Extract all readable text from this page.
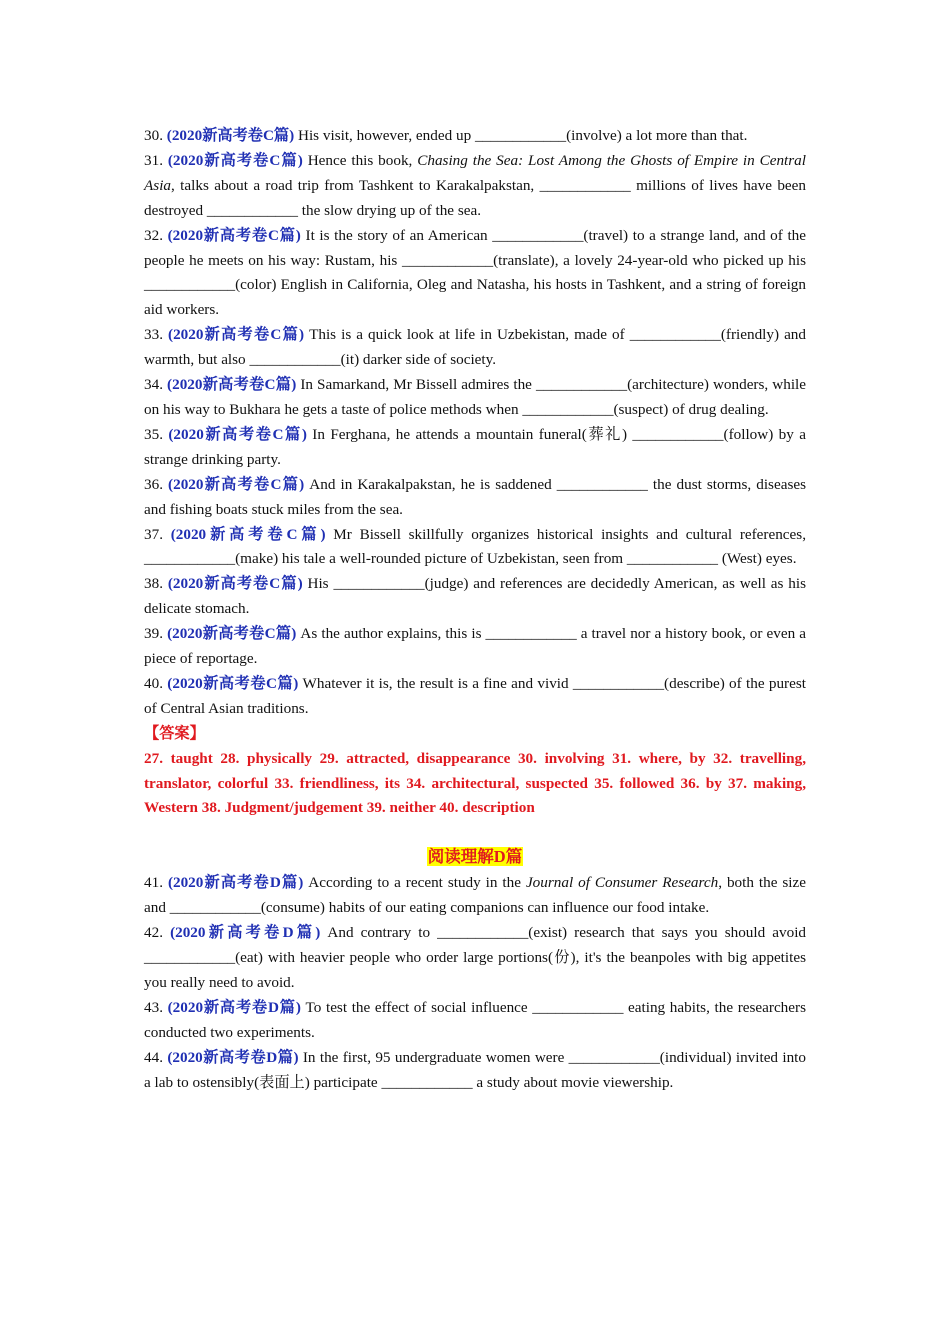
30. (2020新高考卷C篇) His visit, however, ended up ____________(involve) a lot more than that.

31. (2020新高考卷C篇) Hence this book, Chasing the Sea: Lost Among the Ghosts of Empire in Central Asia, talks about a road trip from Tashkent to Karakalpakstan, ____________ millions of lives have been destroyed ____________ the slow drying up of the sea.

32. (2020新高考卷C篇) It is the story of an American ____________(travel) to a strange land, and of the people he meets on his way: Rustam, his ____________(translate), a lovely 24-year-old who picked up his ____________(color) English in California, Oleg and Natasha, his hosts in Tashkent, and a string of foreign aid workers.

33. (2020新高考卷C篇) This is a quick look at life in Uzbekistan, made of ____________(friendly) and warmth, but also ____________(it) darker side of society.

34. (2020新高考卷C篇) In Samarkand, Mr Bissell admires the ____________(architecture) wonders, while on his way to Bukhara he gets a taste of police methods when ____________(suspect) of drug dealing.

35. (2020新高考卷C篇) In Ferghana, he attends a mountain funeral(葬礼) ____________(follow) by a strange drinking party.

36. (2020新高考卷C篇) And in Karakalpakstan, he is saddened ____________ the dust storms, diseases and fishing boats stuck miles from the sea.

37. (2020新高考卷C篇) Mr Bissell skillfully organizes historical insights and cultural references, ____________(make) his tale a well-rounded picture of Uzbekistan, seen from ____________ (West) eyes.

38. (2020新高考卷C篇) His ____________(judge) and references are decidedly American, as well as his delicate stomach.

39. (2020新高考卷C篇) As the author explains, this is ____________ a travel nor a history book, or even a piece of reportage.

40. (2020新高考卷C篇) Whatever it is, the result is a fine and vivid ____________(describe) of the purest of Central Asian traditions.

【答案】

27. taught 28. physically 29. attracted, disappearance 30. involving 31. where, by 32. travelling, translator, colorful 33. friendliness, its 34. architectural, suspected 35. followed 36. by 37. making, Western 38. Judgment/judgement 39. neither 40. description

阅读理解D篇

41. (2020新高考卷D篇) According to a recent study in the Journal of Consumer Research, both the size and ____________(consume) habits of our eating companions can influence our food intake.

42. (2020新高考卷D篇) And contrary to ____________(exist) research that says you should avoid ____________(eat) with heavier people who order large portions(份), it's the beanpoles with big appetites you really need to avoid.

43. (2020新高考卷D篇) To test the effect of social influence ____________ eating habits, the researchers conducted two experiments.

44. (2020新高考卷D篇) In the first, 95 undergraduate women were ____________(individual) invited into a lab to ostensibly(表面上) participate ____________ a study about movie viewership.
